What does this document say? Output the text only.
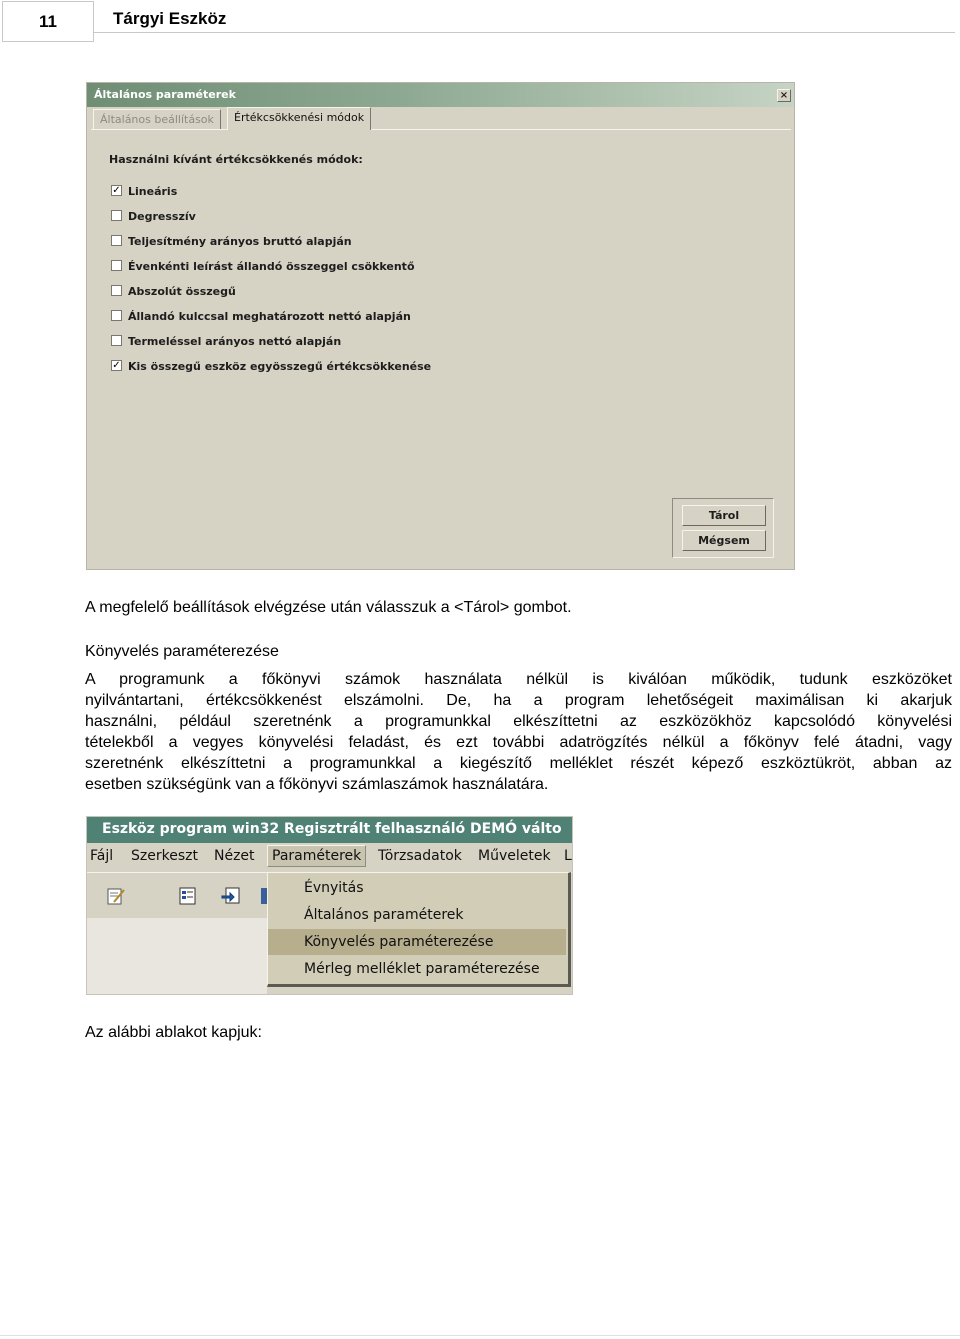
11	Tárgyi Eszköz
Általános paraméterek	×
Általános beállítások	Értékcsökkenési módok
Használni kívánt értékcsökkenés módok:
✓ Lineáris
Degresszív
Teljesítmény arányos bruttó alapján
Évenkénti leírást állandó összeggel csökkentő
Abszolút összegű
Állandó kulccsal meghatározott nettó alapján
Termeléssel arányos nettó alapján
✓ Kis összegű eszköz egyösszegű értékcsökkenése
Tárol
Mégsem
A megfelelő beállítások elvégzése után válasszuk a <Tárol> gombot.
Könyvelés paraméterezése
A programunk a főkönyvi számok használata nélkül is kiválóan működik, tudunk eszközöket
nyilvántartani, értékcsökkenést elszámolni. De, ha a program lehetőségeit maximálisan ki akarjuk
használni, például szeretnénk a programunkkal elkészíttetni az eszközökhöz kapcsolódó könyvelési
tételekből a vegyes könyvelési feladást, és ezt további adatrögzítés nélkül a főkönyv felé átadni, vagy
szeretnénk elkészíttetni a programunkkal a kiegészítő melléklet részét képező eszköztükröt, abban az
esetben szükségünk van a főkönyvi számlaszámok használatára.
Eszköz program win32 Regisztrált felhasználó DEMÓ válto
Fájl Szerkeszt Nézet	Paraméterek	Törzsadatok Műveletek L
Évnyitás
Általános paraméterek
Könyvelés paraméterezése
Mérleg melléklet paraméterezése
Az alábbi ablakot kapjuk:
